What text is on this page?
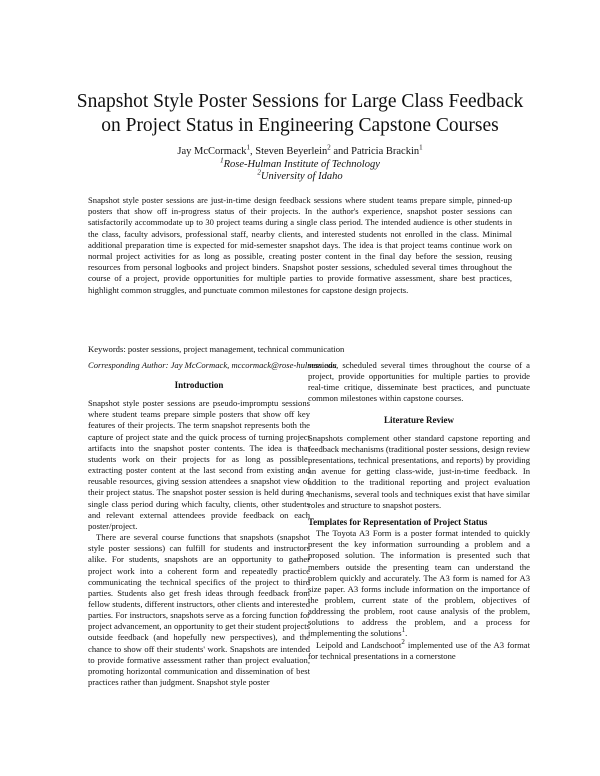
Snapshot Style Poster Sessions for Large Class Feedback
on Project Status in Engineering Capstone Courses
Jay McCormack$^1$, Steven Beyerlein$^2$ and Patricia Brackin$^1$
$^1$Rose-Hulman Institute of Technology
$^2$University of Idaho
Snapshot style poster sessions are just-in-time design feedback sessions where student teams prepare simple, pinned-up posters that show off in-progress status of their projects. In the author's experience, snapshot poster sessions can satisfactorily accommodate up to 30 project teams during a single class period. The intended audience is other students in the class, faculty advisors, professional staff, nearby clients, and interested students not enrolled in the class. Minimal additional preparation time is expected for mid-semester snapshot days. The idea is that project teams continue work on normal project activities for as long as possible, creating poster content in the final day before the session, reusing resources from personal logbooks and project binders. Snapshot poster sessions, scheduled several times throughout the course of a project, provide opportunities for multiple parties to provide formative assessment, share best practices, highlight common struggles, and punctuate common milestones for capstone design projects.
Keywords: poster sessions, project management, technical communication
Corresponding Author: Jay McCormack, mccormack@rose-hulman.edu
Introduction

Snapshot style poster sessions are pseudo-impromptu sessions where student teams prepare simple posters that show off key features of their projects. The term snapshot represents both the capture of project state and the quick process of turning project artifacts into the snapshot poster contents. The idea is that students work on their projects for as long as possible, extracting poster content at the last second from existing and reusable resources, giving session attendees a snapshot view of their project status. The snapshot poster session is held during a single class period during which faculty, clients, other students and relevant external attendees provide feedback on each poster/project.

There are several course functions that snapshots (snapshot style poster sessions) can fulfill for students and instructors alike. For students, snapshots are an opportunity to gather project work into a coherent form and repeatedly practice communicating the technical specifics of the project to third parties. Students also get fresh ideas through feedback from fellow students, different instructors, other clients and interested parties. For instructors, snapshots serve as a forcing function for project advancement, an opportunity to get their student projects outside feedback (and hopefully new perspectives), and the chance to show off their students' work. Snapshots are intended to provide formative assessment rather than project evaluation, promoting horizontal communication and dissemination of best practices rather than judgment. Snapshot style poster

sessions, scheduled several times throughout the course of a project, provide opportunities for multiple parties to provide real-time critique, disseminate best practices, and punctuate common milestones within capstone courses.

Literature Review

Snapshots complement other standard capstone reporting and feedback mechanisms (traditional poster sessions, design review presentations, technical presentations, and reports) by providing an avenue for getting class-wide, just-in-time feedback. In addition to the traditional reporting and project evaluation mechanisms, several tools and techniques exist that have similar roles and structure to snapshot posters.

Templates for Representation of Project Status

The Toyota A3 Form is a poster format intended to quickly present the key information surrounding a problem and a proposed solution. The information is presented such that members outside the presenting team can understand the problem quickly and accurately. The A3 form is named for A3 size paper. A3 forms include information on the importance of the problem, current state of the problem, objectives of addressing the problem, root cause analysis of the problem, solutions to address the problem, and a process for implementing the solutions$^1$.

Leipold and Landschoot$^2$ implemented use of the A3 format for technical presentations in a cornerstone
